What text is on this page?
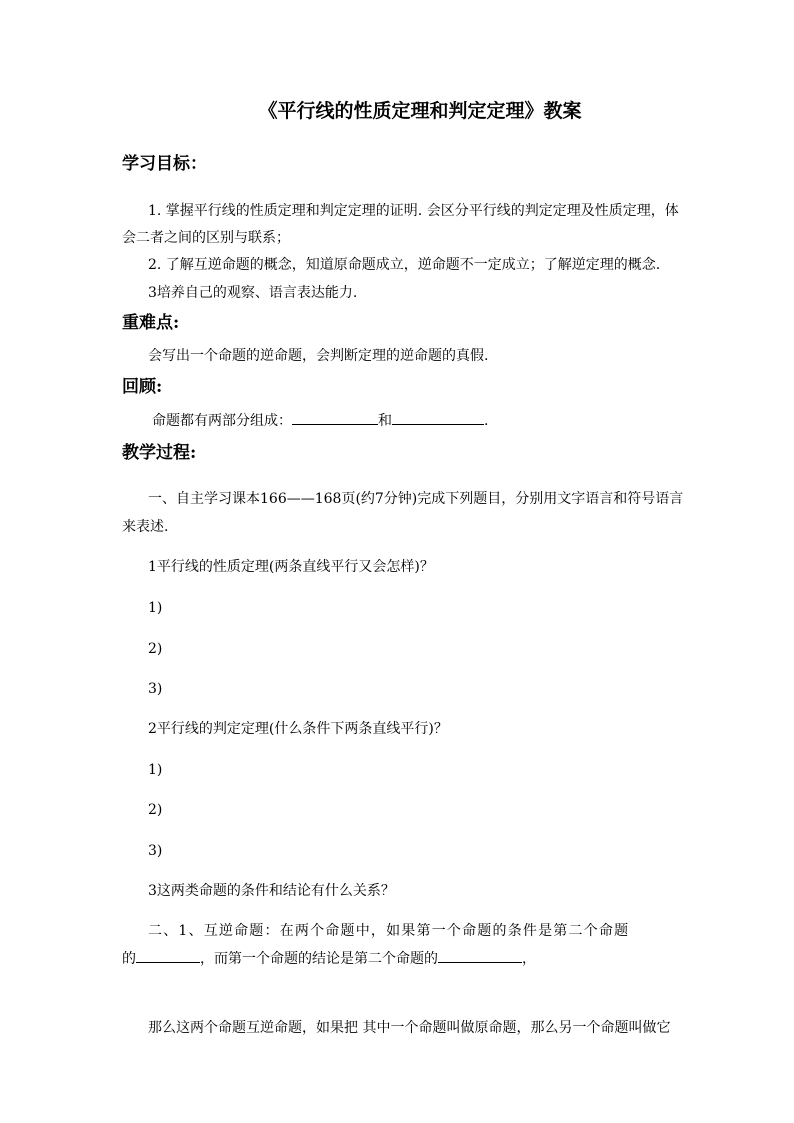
《平行线的性质定理和判定定理》教案
学习目标：
1. 掌握平行线的性质定理和判定定理的证明. 会区分平行线的判定定理及性质定理，体
会二者之间的区别与联系；
2. 了解互逆命题的概念，知道原命题成立，逆命题不一定成立；了解逆定理的概念.
3培养自己的观察、语言表达能力.
重难点:
会写出一个命题的逆命题，会判断定理的逆命题的真假.
回顾:
命题都有两部分组成：	和	.
教学过程:
一、自主学习课本166——168页(约7分钟)完成下列题目，分别用文字语言和符号语言
来表述.
1平行线的性质定理(两条直线平行又会怎样)？
1)
2)
3)
2平行线的判定定理(什么条件下两条直线平行)？
1)
2)
3)
3这两类命题的条件和结论有什么关系？
二、1、互逆命题：在两个命题中，如果第一个命题的条件是第二个命题
的	，而第一个命题的结论是第二个命题的	，
那么这两个命题互逆命题，如果把 其中一个命题叫做原命题，那么另一个命题叫做它
